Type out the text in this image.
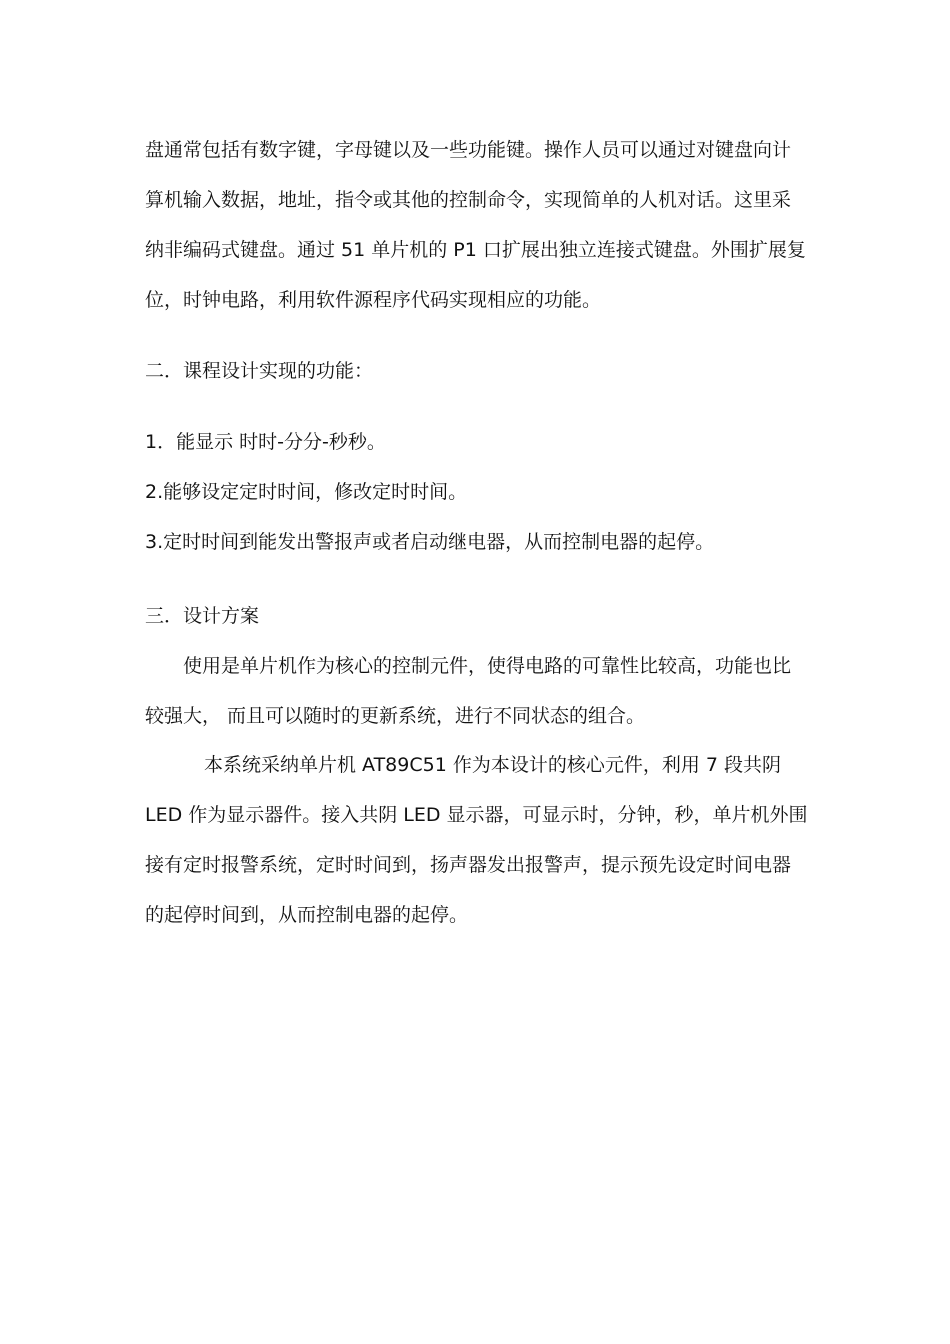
盘通常包括有数字键，字母键以及一些功能键。操作人员可以通过对键盘向计
算机输入数据，地址，指令或其他的控制命令，实现简单的人机对话。这里采
纳非编码式键盘。通过 51 单片机的 P1 口扩展出独立连接式键盘。外围扩展复
位，时钟电路，利用软件源程序代码实现相应的功能。
二．课程设计实现的功能：
1．能显示 时时-分分-秒秒。
2.能够设定定时时间，修改定时时间。
3.定时时间到能发出警报声或者启动继电器，从而控制电器的起停。
三．设计方案
使用是单片机作为核心的控制元件，使得电路的可靠性比较高，功能也比
较强大， 而且可以随时的更新系统，进行不同状态的组合。
本系统采纳单片机 AT89C51 作为本设计的核心元件，利用 7 段共阴
LED 作为显示器件。接入共阴 LED 显示器，可显示时，分钟，秒，单片机外围
接有定时报警系统，定时时间到，扬声器发出报警声，提示预先设定时间电器
的起停时间到，从而控制电器的起停。
